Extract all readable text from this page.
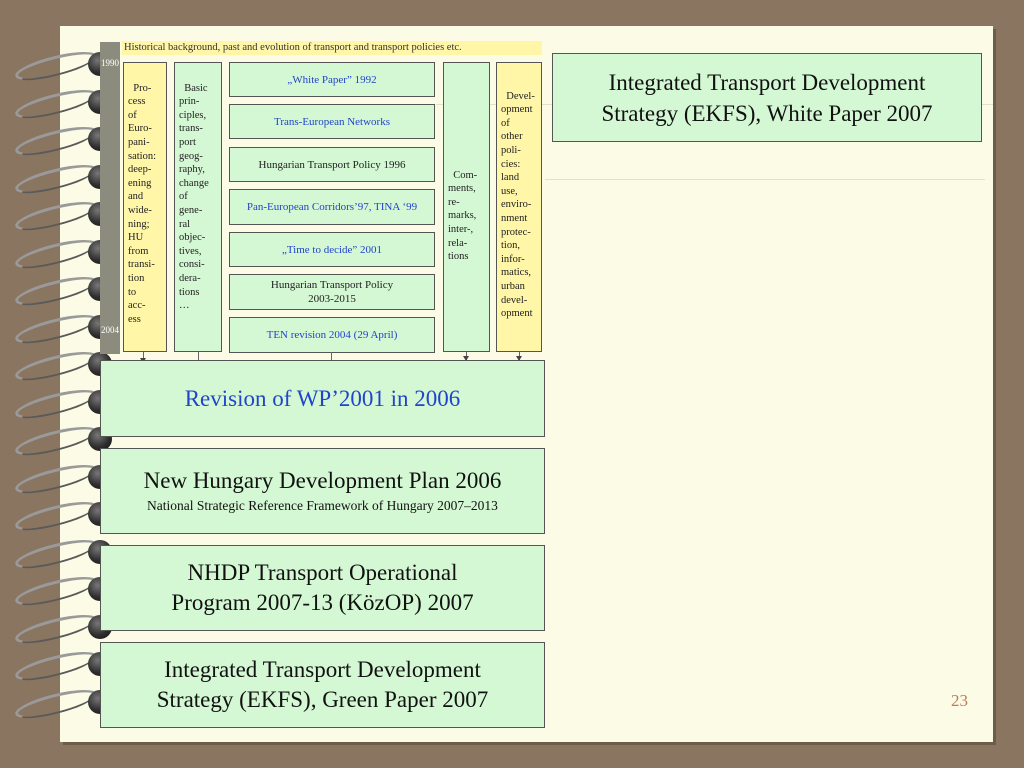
1990
2004
Historical background, past and evolution of transport and transport policies etc.

Pro-
cess
of
Euro-
pani-
sation:
deep-
ening
and
wide-
ning;
HU
from
transi-
tion
to
acc-
ess

Basic
prin-
ciples,
trans-
port
geog-
raphy,
change
of
gene-
ral
objec-
tives,
consi-
dera-
tions
…

„White Paper” 1992
Trans-European Networks
Hungarian Transport Policy 1996
Pan-European Corridors’97, TINA ‘99
„Time to decide” 2001
Hungarian Transport Policy
2003-2015
TEN revision 2004 (29 April)

Com-
ments,
re-
marks,
inter-,
rela-
tions

Devel-
opment
of
other
poli-
cies:
land
use,
enviro-
nment
protec-
tion,
infor-
matics,
urban
devel-
opment

Revision of WP’2001 in 2006
New Hungary Development Plan 2006
National Strategic Reference Framework of Hungary 2007–2013
NHDP Transport Operational
Program 2007-13 (KözOP) 2007
Integrated Transport Development
Strategy (EKFS), Green Paper 2007
Integrated Transport Development
Strategy (EKFS), White Paper 2007
23
